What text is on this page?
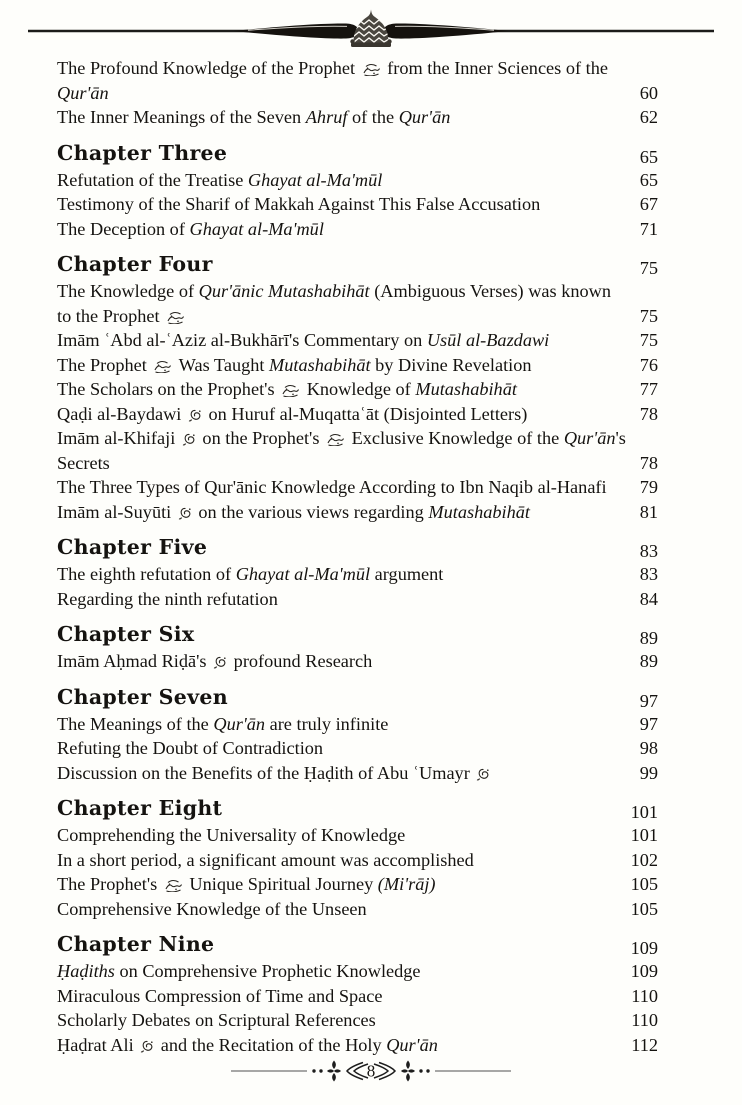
The Profound Knowledge of the Prophet  from the Inner Sciences of the
Qur'ān	60
The Inner Meanings of the Seven Ahruf of the Qur'ān	62
Chapter Three	65
Refutation of the Treatise Ghayat al-Ma'mūl	65
Testimony of the Sharif of Makkah Against This False Accusation	67
The Deception of Ghayat al-Ma'mūl	71
Chapter Four	75
The Knowledge of Qur'ānic Mutashabihāt (Ambiguous Verses) was known
to the Prophet	75
Imām ʿAbd al-ʿAziz al-Bukhārī's Commentary on Usūl al-Bazdawi	75
The Prophet  Was Taught Mutashabihāt by Divine Revelation	76
The Scholars on the Prophet's  Knowledge of Mutashabihāt	77
Qaḍi al-Baydawi  on Huruf al-Muqattaʿāt (Disjointed Letters)	78
Imām al-Khifaji  on the Prophet's  Exclusive Knowledge of the Qur'ān's
Secrets	78
The Three Types of Qur'ānic Knowledge According to Ibn Naqib al-Hanafi 79
Imām al-Suyūti  on the various views regarding Mutashabihāt	81
Chapter Five	83
The eighth refutation of Ghayat al-Ma'mūl argument	83
Regarding the ninth refutation	84
Chapter Six	89
Imām Aḥmad Riḍā's  profound Research	89
Chapter Seven	97
The Meanings of the Qur'ān are truly infinite	97
Refuting the Doubt of Contradiction	98
Discussion on the Benefits of the Ḥaḍith of Abu ʿUmayr	99
Chapter Eight	101
Comprehending the Universality of Knowledge	101
In a short period, a significant amount was accomplished	102
The Prophet's  Unique Spiritual Journey (Mi'rāj)	105
Comprehensive Knowledge of the Unseen	105
Chapter Nine	109
Ḥaḍiths on Comprehensive Prophetic Knowledge	109
Miraculous Compression of Time and Space	110
Scholarly Debates on Scriptural References	110
Ḥaḍrat Ali  and the Recitation of the Holy Qur'ān	112
8
